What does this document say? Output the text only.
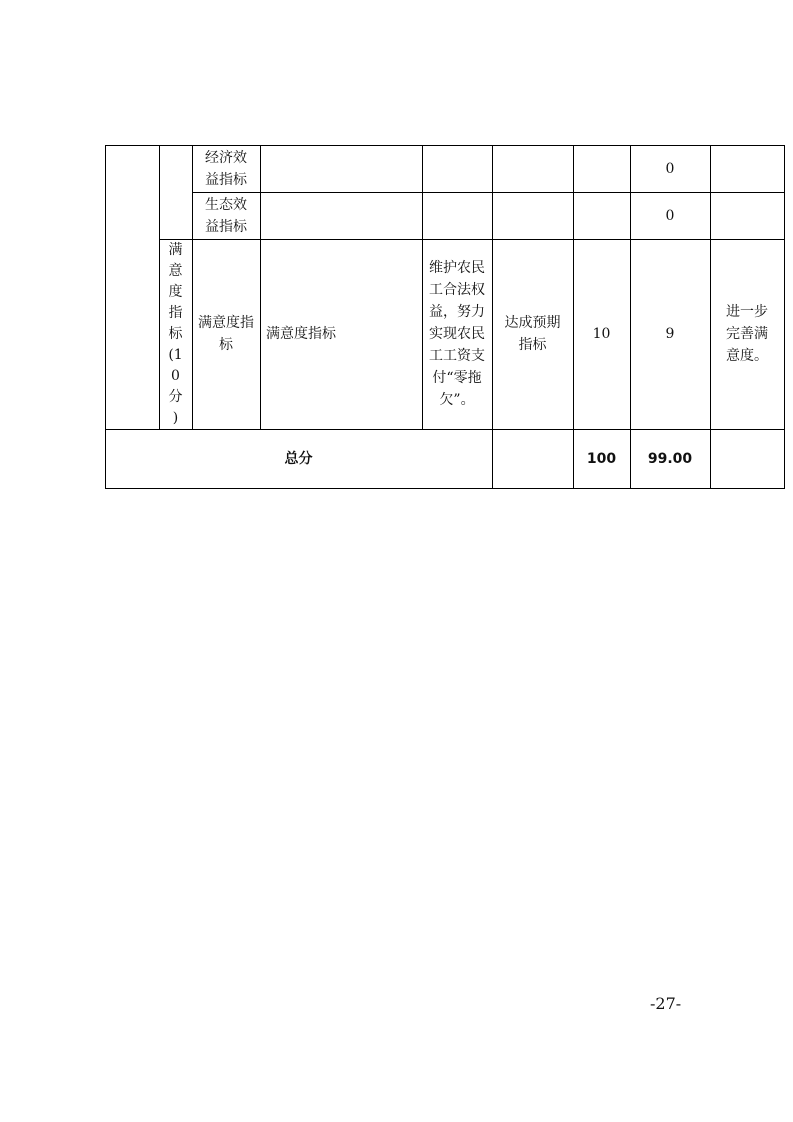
经济效益指标
0
生态效益指标
0
满
意
度
指
标
(1
0
分
)
满意度指标
满意度指标
维护农民工合法权益，努力实现农民工工资支付“零拖欠”。
达成预期指标
10	9
进一步完善满意度。
总分	100 99.00
-27-
